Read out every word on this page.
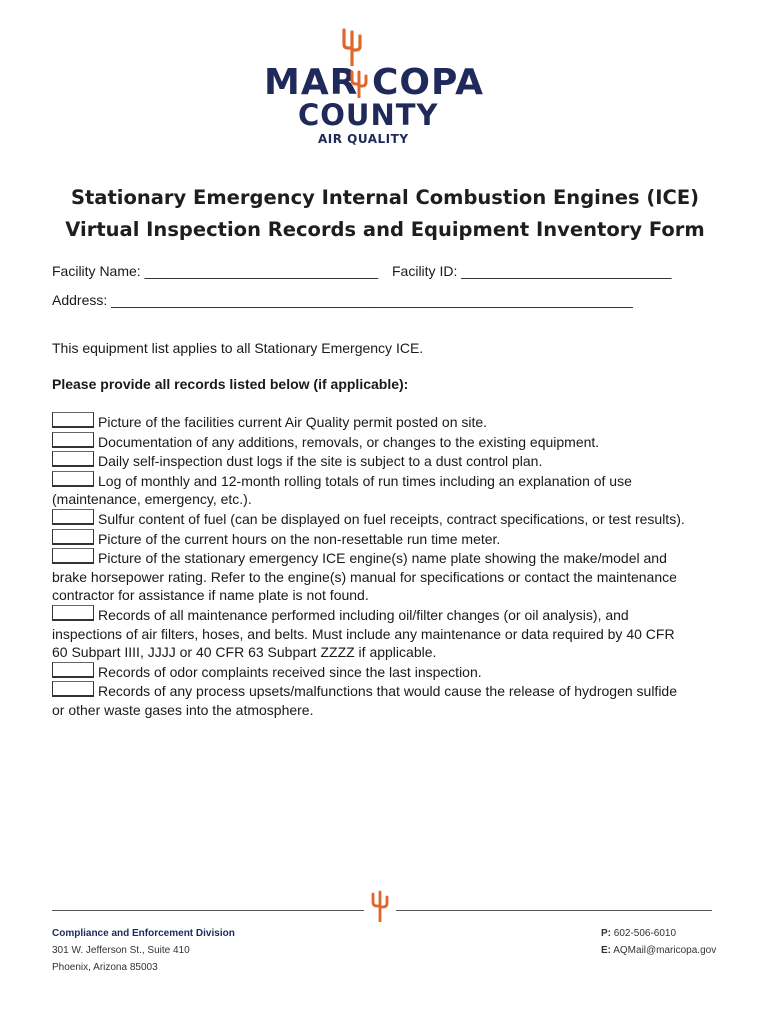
MAR COPA
COUNTY
AIR QUALITY
Stationary Emergency Internal Combustion Engines (ICE)
Virtual Inspection Records and Equipment Inventory Form
Facility Name: ______________________________ Facility ID: ___________________________
Address: ___________________________________________________________________
This equipment list applies to all Stationary Emergency ICE.
Please provide all records listed below (if applicable):

Picture of the facilities current Air Quality permit posted on site.

Documentation of any additions, removals, or changes to the existing equipment.

Daily self-inspection dust logs if the site is subject to a dust control plan.

Log of monthly and 12-month rolling totals of run times including an explanation of use (maintenance, emergency, etc.).

Sulfur content of fuel (can be displayed on fuel receipts, contract specifications, or test results).

Picture of the current hours on the non-resettable run time meter.

Picture of the stationary emergency ICE engine(s) name plate showing the make/model and brake horsepower rating. Refer to the engine(s) manual for specifications or contact the maintenance contractor for assistance if name plate is not found.

Records of all maintenance performed including oil/filter changes (or oil analysis), and inspections of air filters, hoses, and belts. Must include any maintenance or data required by 40 CFR 60 Subpart IIII, JJJJ or 40 CFR 63 Subpart ZZZZ if applicable.

Records of odor complaints received since the last inspection.

Records of any process upsets/malfunctions that would cause the release of hydrogen sulfide or other waste gases into the atmosphere.

Compliance and Enforcement Division
301 W. Jefferson St., Suite 410
Phoenix, Arizona 85003
P: 602-506-6010
E: AQMail@maricopa.gov
